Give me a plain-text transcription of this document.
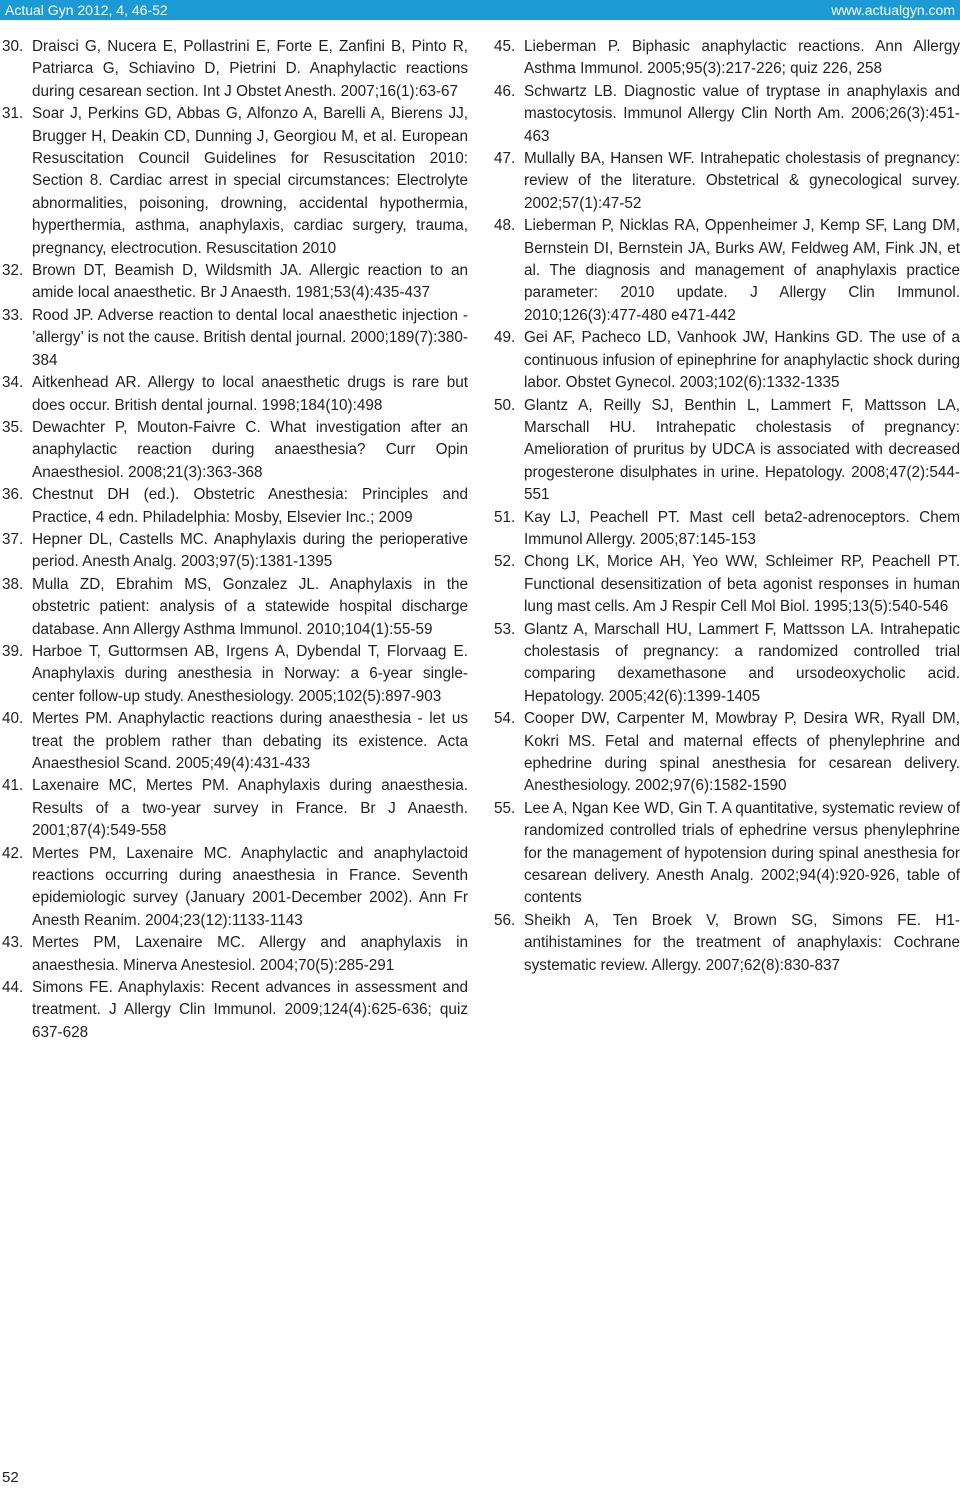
Actual Gyn 2012, 4, 46-52	www.actualgyn.com
30. Draisci G, Nucera E, Pollastrini E, Forte E, Zanfini B, Pinto R, Patriarca G, Schiavino D, Pietrini D. Anaphylactic reactions during cesarean section. Int J Obstet Anesth. 2007;16(1):63-67
31. Soar J, Perkins GD, Abbas G, Alfonzo A, Barelli A, Bierens JJ, Brugger H, Deakin CD, Dunning J, Georgiou M, et al. European Resuscitation Council Guidelines for Resuscitation 2010: Section 8. Cardiac arrest in special circumstances: Electrolyte abnormalities, poisoning, drowning, accidental hypothermia, hyperthermia, asthma, anaphylaxis, cardiac surgery, trauma, pregnancy, electrocution. Resuscitation 2010
32. Brown DT, Beamish D, Wildsmith JA. Allergic reaction to an amide local anaesthetic. Br J Anaesth. 1981;53(4):435-437
33. Rood JP. Adverse reaction to dental local anaesthetic injection - ’allergy’ is not the cause. British dental journal. 2000;189(7):380-384
34. Aitkenhead AR. Allergy to local anaesthetic drugs is rare but does occur. British dental journal. 1998;184(10):498
35. Dewachter P, Mouton-Faivre C. What investigation after an anaphylactic reaction during anaesthesia? Curr Opin Anaesthesiol. 2008;21(3):363-368
36. Chestnut DH (ed.). Obstetric Anesthesia: Principles and Practice, 4 edn. Philadelphia: Mosby, Elsevier Inc.; 2009
37. Hepner DL, Castells MC. Anaphylaxis during the perioperative period. Anesth Analg. 2003;97(5):1381-1395
38. Mulla ZD, Ebrahim MS, Gonzalez JL. Anaphylaxis in the obstetric patient: analysis of a statewide hospital discharge database. Ann Allergy Asthma Immunol. 2010;104(1):55-59
39. Harboe T, Guttormsen AB, Irgens A, Dybendal T, Florvaag E. Anaphylaxis during anesthesia in Norway: a 6-year single-center follow-up study. Anesthesiology. 2005;102(5):897-903
40. Mertes PM. Anaphylactic reactions during anaesthesia - let us treat the problem rather than debating its existence. Acta Anaesthesiol Scand. 2005;49(4):431-433
41. Laxenaire MC, Mertes PM. Anaphylaxis during anaesthesia. Results of a two-year survey in France. Br J Anaesth. 2001;87(4):549-558
42. Mertes PM, Laxenaire MC. Anaphylactic and anaphylactoid reactions occurring during anaesthesia in France. Seventh epidemiologic survey (January 2001-December 2002). Ann Fr Anesth Reanim. 2004;23(12):1133-1143
43. Mertes PM, Laxenaire MC. Allergy and anaphylaxis in anaesthesia. Minerva Anestesiol. 2004;70(5):285-291
44. Simons FE. Anaphylaxis: Recent advances in assessment and treatment. J Allergy Clin Immunol. 2009;124(4):625-636; quiz 637-628
45. Lieberman P. Biphasic anaphylactic reactions. Ann Allergy Asthma Immunol. 2005;95(3):217-226; quiz 226, 258
46. Schwartz LB. Diagnostic value of tryptase in anaphylaxis and mastocytosis. Immunol Allergy Clin North Am. 2006;26(3):451-463
47. Mullally BA, Hansen WF. Intrahepatic cholestasis of pregnancy: review of the literature. Obstetrical & gynecological survey. 2002;57(1):47-52
48. Lieberman P, Nicklas RA, Oppenheimer J, Kemp SF, Lang DM, Bernstein DI, Bernstein JA, Burks AW, Feldweg AM, Fink JN, et al. The diagnosis and management of anaphylaxis practice parameter: 2010 update. J Allergy Clin Immunol. 2010;126(3):477-480 e471-442
49. Gei AF, Pacheco LD, Vanhook JW, Hankins GD. The use of a continuous infusion of epinephrine for anaphylactic shock during labor. Obstet Gynecol. 2003;102(6):1332-1335
50. Glantz A, Reilly SJ, Benthin L, Lammert F, Mattsson LA, Marschall HU. Intrahepatic cholestasis of pregnancy: Amelioration of pruritus by UDCA is associated with decreased progesterone disulphates in urine. Hepatology. 2008;47(2):544-551
51. Kay LJ, Peachell PT. Mast cell beta2-adrenoceptors. Chem Immunol Allergy. 2005;87:145-153
52. Chong LK, Morice AH, Yeo WW, Schleimer RP, Peachell PT. Functional desensitization of beta agonist responses in human lung mast cells. Am J Respir Cell Mol Biol. 1995;13(5):540-546
53. Glantz A, Marschall HU, Lammert F, Mattsson LA. Intrahepatic cholestasis of pregnancy: a randomized controlled trial comparing dexamethasone and ursodeoxycholic acid. Hepatology. 2005;42(6):1399-1405
54. Cooper DW, Carpenter M, Mowbray P, Desira WR, Ryall DM, Kokri MS. Fetal and maternal effects of phenylephrine and ephedrine during spinal anesthesia for cesarean delivery. Anesthesiology. 2002;97(6):1582-1590
55. Lee A, Ngan Kee WD, Gin T. A quantitative, systematic review of randomized controlled trials of ephedrine versus phenylephrine for the management of hypotension during spinal anesthesia for cesarean delivery. Anesth Analg. 2002;94(4):920-926, table of contents
56. Sheikh A, Ten Broek V, Brown SG, Simons FE. H1-antihistamines for the treatment of anaphylaxis: Cochrane systematic review. Allergy. 2007;62(8):830-837
52
